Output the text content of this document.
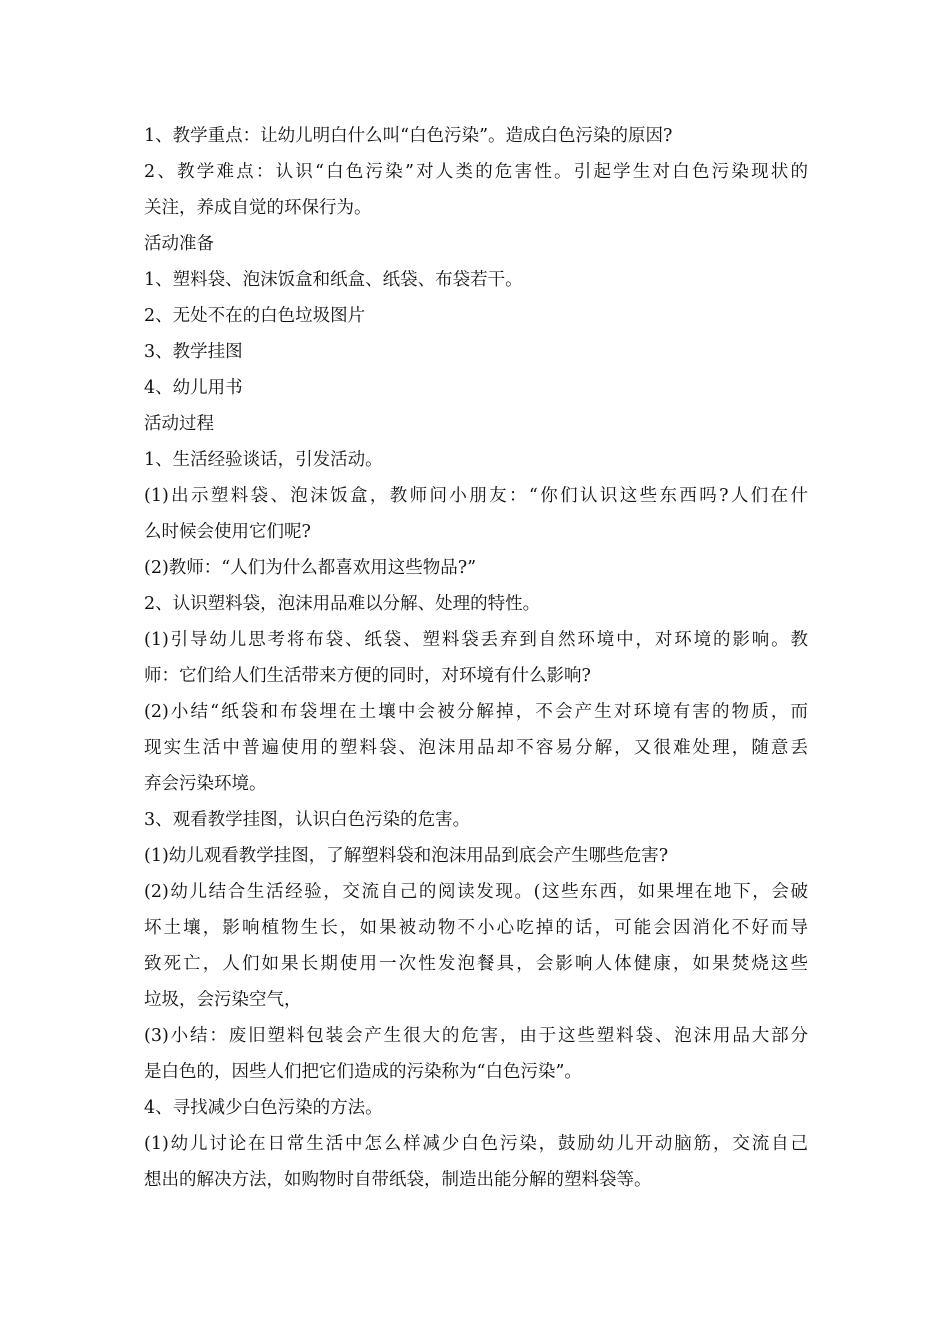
1、教学重点：让幼儿明白什么叫“白色污染”。造成白色污染的原因?
2、教学难点：认识“白色污染”对人类的危害性。引起学生对白色污染现状的
关注，养成自觉的环保行为。
活动准备
1、塑料袋、泡沫饭盒和纸盒、纸袋、布袋若干。
2、无处不在的白色垃圾图片
3、教学挂图
4、幼儿用书
活动过程
1、生活经验谈话，引发活动。
(1)出示塑料袋、泡沫饭盒，教师问小朋友：“你们认识这些东西吗?人们在什
么时候会使用它们呢?
(2)教师：“人们为什么都喜欢用这些物品?”
2、认识塑料袋，泡沫用品难以分解、处理的特性。
(1)引导幼儿思考将布袋、纸袋、塑料袋丢弃到自然环境中，对环境的影响。教
师：它们给人们生活带来方便的同时，对环境有什么影响?
(2)小结“纸袋和布袋埋在土壤中会被分解掉，不会产生对环境有害的物质，而
现实生活中普遍使用的塑料袋、泡沫用品却不容易分解，又很难处理，随意丢
弃会污染环境。
3、观看教学挂图，认识白色污染的危害。
(1)幼儿观看教学挂图，了解塑料袋和泡沫用品到底会产生哪些危害?
(2)幼儿结合生活经验，交流自己的阅读发现。(这些东西，如果埋在地下，会破
坏土壤，影响植物生长，如果被动物不小心吃掉的话，可能会因消化不好而导
致死亡，人们如果长期使用一次性发泡餐具，会影响人体健康，如果焚烧这些
垃圾，会污染空气，
(3)小结：废旧塑料包装会产生很大的危害，由于这些塑料袋、泡沫用品大部分
是白色的，因些人们把它们造成的污染称为“白色污染”。
4、寻找减少白色污染的方法。
(1)幼儿讨论在日常生活中怎么样减少白色污染，鼓励幼儿开动脑筋，交流自己
想出的解决方法，如购物时自带纸袋，制造出能分解的塑料袋等。
